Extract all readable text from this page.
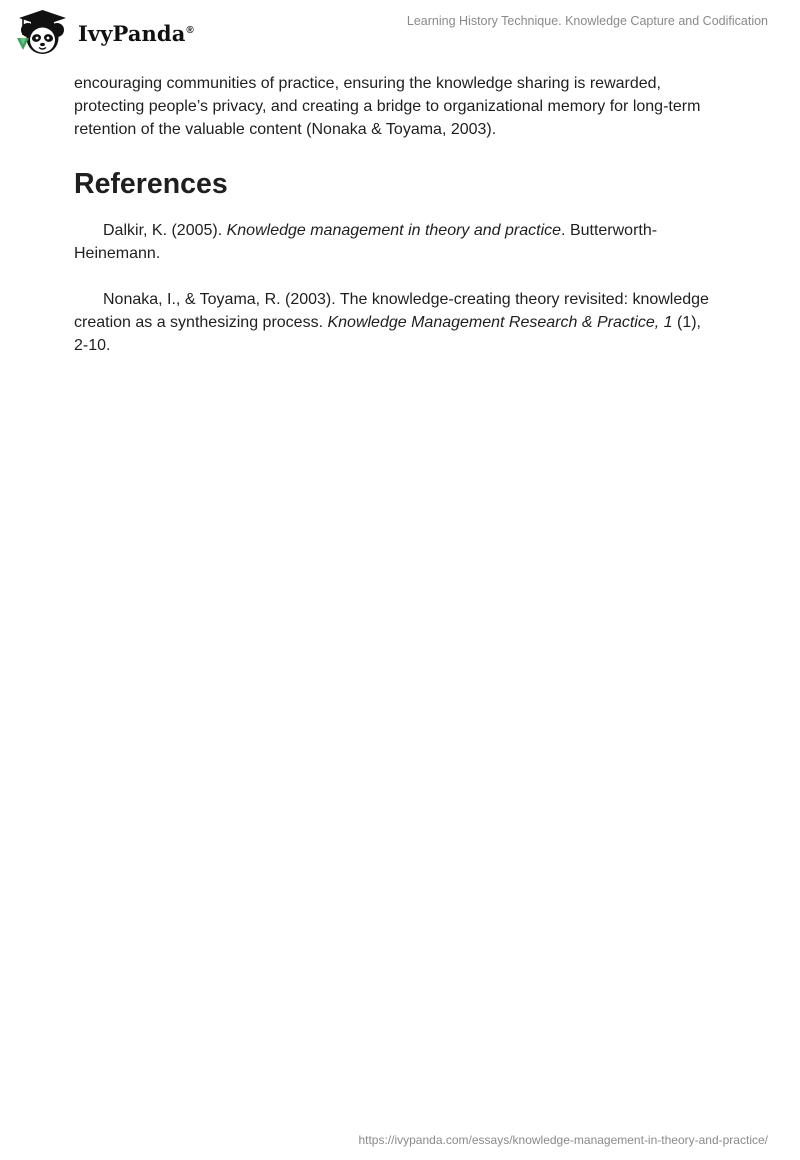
IvyPanda®
Learning History Technique. Knowledge Capture and Codification

encouraging communities of practice, ensuring the knowledge sharing is rewarded, protecting people’s privacy, and creating a bridge to organizational memory for long-term retention of the valuable content (Nonaka & Toyama, 2003).

References

Dalkir, K. (2005). Knowledge management in theory and practice. Butterworth-Heinemann.

Nonaka, I., & Toyama, R. (2003). The knowledge-creating theory revisited: knowledge creation as a synthesizing process. Knowledge Management Research & Practice, 1 (1), 2-10.

https://ivypanda.com/essays/knowledge-management-in-theory-and-practice/
